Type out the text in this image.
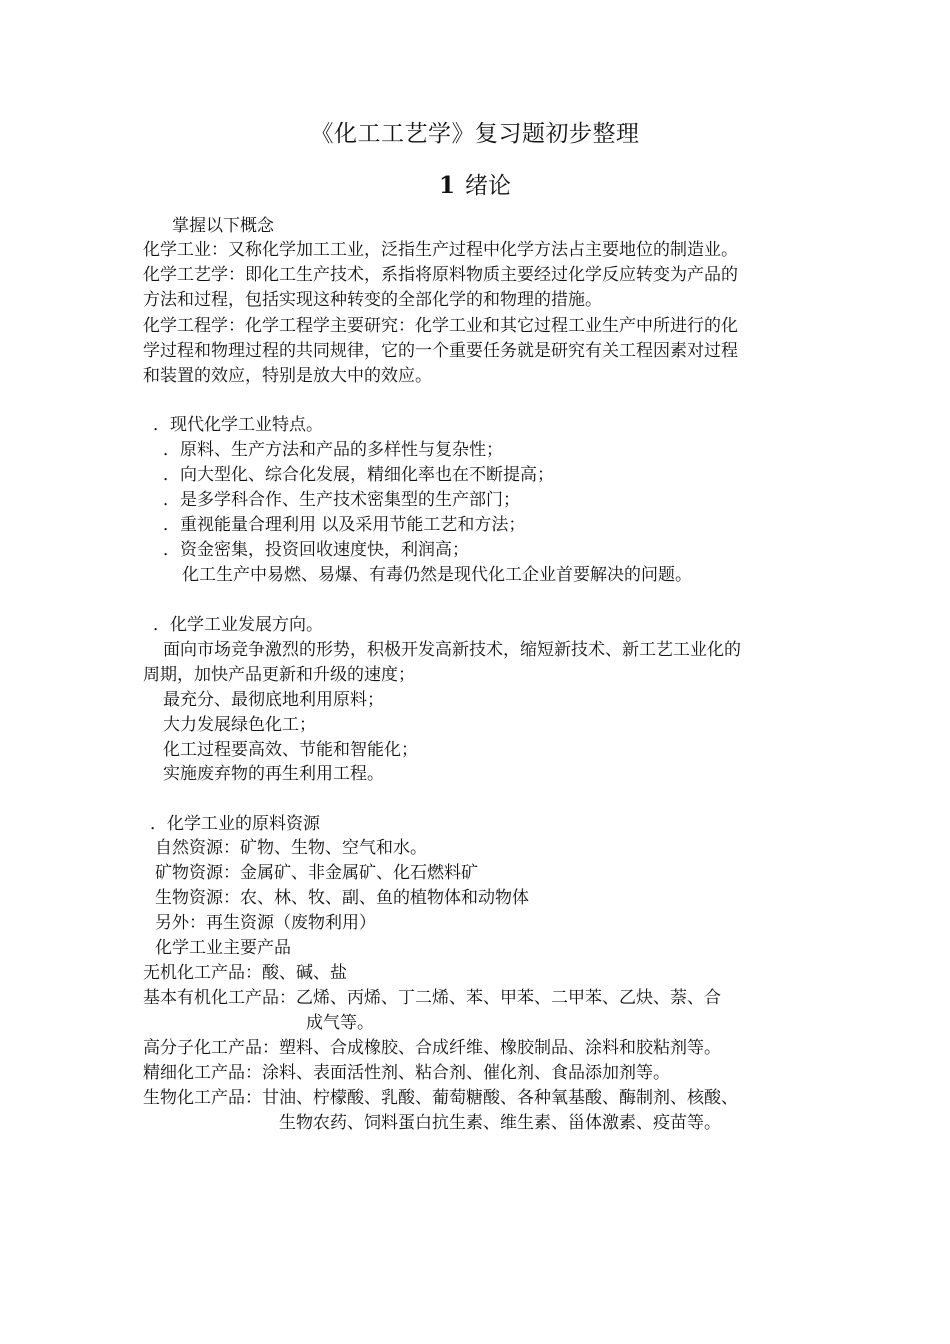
《化工工艺学》复习题初步整理
1 绪论
掌握以下概念
化学工业：又称化学加工工业，泛指生产过程中化学方法占主要地位的制造业。
化学工艺学：即化工生产技术，系指将原料物质主要经过化学反应转变为产品的
方法和过程，包括实现这种转变的全部化学的和物理的措施。
化学工程学：化学工程学主要研究：化学工业和其它过程工业生产中所进行的化
学过程和物理过程的共同规律，它的一个重要任务就是研究有关工程因素对过程
和装置的效应，特别是放大中的效应。
．现代化学工业特点。
．原料、生产方法和产品的多样性与复杂性；
．向大型化、综合化发展，精细化率也在不断提高；
．是多学科合作、生产技术密集型的生产部门；
．重视能量合理利用 以及采用节能工艺和方法；
．资金密集，投资回收速度快，利润高；
化工生产中易燃、易爆、有毒仍然是现代化工企业首要解决的问题。
．化学工业发展方向。
面向市场竞争激烈的形势，积极开发高新技术，缩短新技术、新工艺工业化的
周期，加快产品更新和升级的速度；
最充分、最彻底地利用原料；
大力发展绿色化工；
化工过程要高效、节能和智能化；
实施废弃物的再生利用工程。
．化学工业的原料资源
自然资源：矿物、生物、空气和水。
矿物资源：金属矿、非金属矿、化石燃料矿
生物资源：农、林、牧、副、鱼的植物体和动物体
另外：再生资源（废物利用）
化学工业主要产品
无机化工产品：酸、碱、盐
基本有机化工产品：乙烯、丙烯、丁二烯、苯、甲苯、二甲苯、乙炔、萘、合
成气等。
高分子化工产品：塑料、合成橡胶、合成纤维、橡胶制品、涂料和胶粘剂等。
精细化工产品：涂料、表面活性剂、粘合剂、催化剂、食品添加剂等。
生物化工产品：甘油、柠檬酸、乳酸、葡萄糖酸、各种氧基酸、酶制剂、核酸、
生物农药、饲料蛋白抗生素、维生素、甾体激素、疫苗等。
